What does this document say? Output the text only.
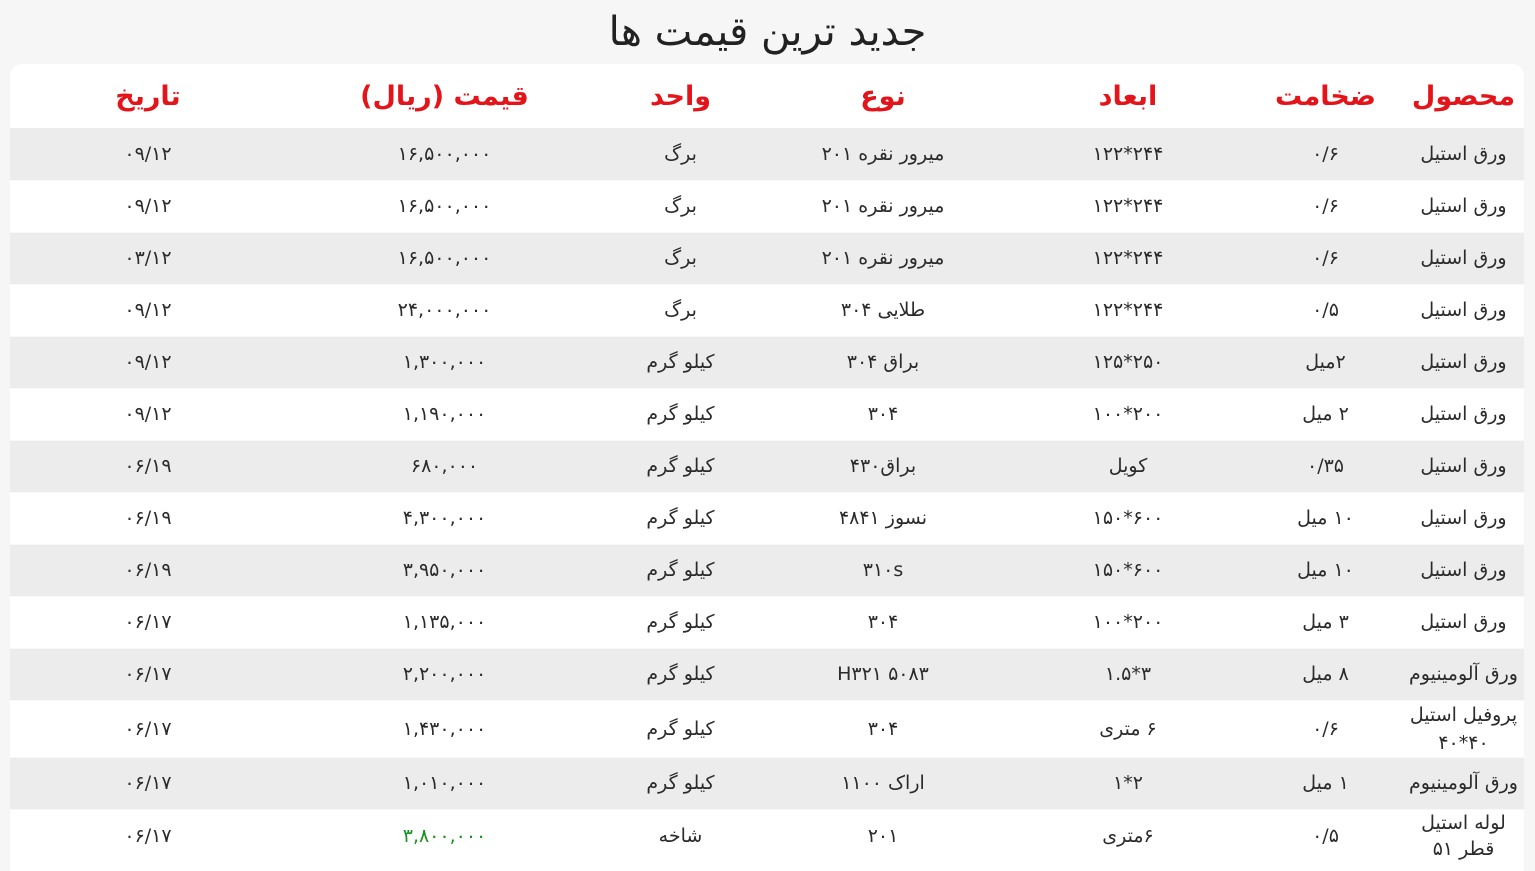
جدید ترین قیمت ها
محصول	ضخامت	ابعاد	نوع	واحد	قیمت (ریال)	تاریخ
ورق استیل	۰/۶	۲۴۴*۱۲۲	میرور نقره ۲۰۱	برگ	۱۶,۵۰۰,۰۰۰	۰۹/۱۲
ورق استیل	۰/۶	۲۴۴*۱۲۲	میرور نقره ۲۰۱	برگ	۱۶,۵۰۰,۰۰۰	۰۹/۱۲
ورق استیل	۰/۶	۲۴۴*۱۲۲	میرور نقره ۲۰۱	برگ	۱۶,۵۰۰,۰۰۰	۰۳/۱۲
ورق استیل	۰/۵	۲۴۴*۱۲۲	طلایی ۳۰۴	برگ	۲۴,۰۰۰,۰۰۰	۰۹/۱۲
ورق استیل	۲میل	۲۵۰*۱۲۵	براق ۳۰۴	کیلو گرم	۱,۳۰۰,۰۰۰	۰۹/۱۲
ورق استیل	۲ میل	۲۰۰*۱۰۰	۳۰۴	کیلو گرم	۱,۱۹۰,۰۰۰	۰۹/۱۲
ورق استیل	۰/۳۵	کویل	براق۴۳۰	کیلو گرم	۶۸۰,۰۰۰	۰۶/۱۹
ورق استیل	۱۰ میل	۶۰۰*۱۵۰	نسوز ۴۸۴۱	کیلو گرم	۴,۳۰۰,۰۰۰	۰۶/۱۹
ورق استیل	۱۰ میل	۶۰۰*۱۵۰	۳۱۰s	کیلو گرم	۳,۹۵۰,۰۰۰	۰۶/۱۹
ورق استیل	۳ میل	۲۰۰*۱۰۰	۳۰۴	کیلو گرم	۱,۱۳۵,۰۰۰	۰۶/۱۷
ورق آلومینیوم	۸ میل	۳*۱.۵	۵۰۸۳ H۳۲۱	کیلو گرم	۲,۲۰۰,۰۰۰	۰۶/۱۷
پروفیل استیل ۴۰*۴۰	۰/۶	۶ متری	۳۰۴	کیلو گرم	۱,۴۳۰,۰۰۰	۰۶/۱۷
ورق آلومینیوم	۱ میل	۲*۱	اراک ۱۱۰۰	کیلو گرم	۱,۰۱۰,۰۰۰	۰۶/۱۷
لوله استیل قطر ۵۱	۰/۵	۶متری	۲۰۱	شاخه	۳,۸۰۰,۰۰۰	۰۶/۱۷
